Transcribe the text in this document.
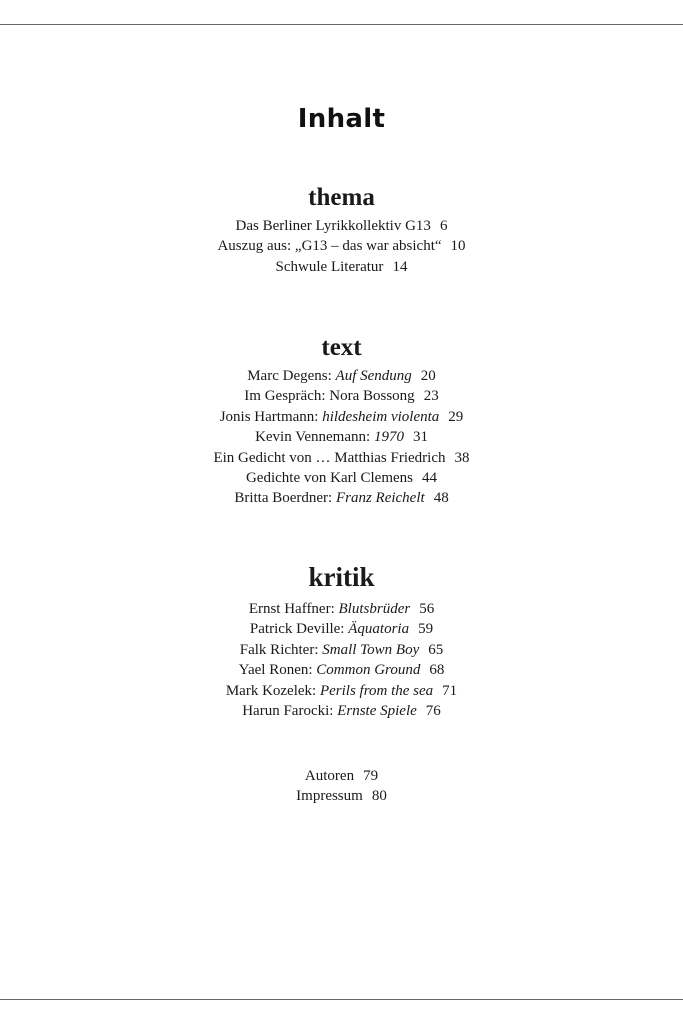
Inhalt
thema
Das Berliner Lyrikkollektiv G13 6
Auszug aus: „G13 – das war absicht“ 10
Schwule Literatur 14
text
Marc Degens: Auf Sendung 20
Im Gespräch: Nora Bossong 23
Jonis Hartmann: hildesheim violenta 29
Kevin Vennemann: 1970 31
Ein Gedicht von … Matthias Friedrich 38
Gedichte von Karl Clemens 44
Britta Boerdner: Franz Reichelt 48
kritik
Ernst Haffner: Blutsbrüder 56
Patrick Deville: Äquatoria 59
Falk Richter: Small Town Boy 65
Yael Ronen: Common Ground 68
Mark Kozelek: Perils from the sea 71
Harun Farocki: Ernste Spiele 76
Autoren 79
Impressum 80
